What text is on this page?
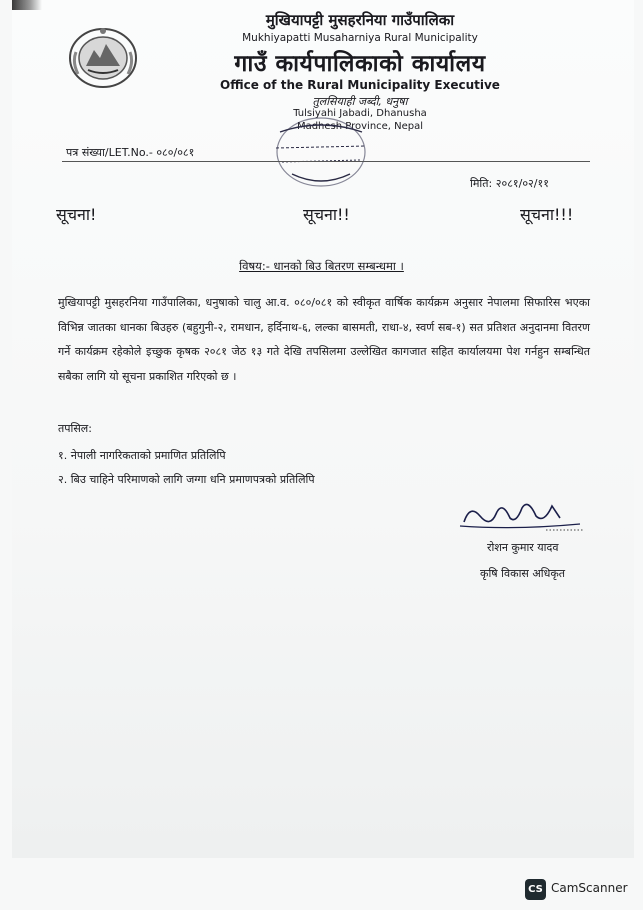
मुखियापट्टी मुसहरनिया गाउँपालिका
Mukhiyapatti Musaharniya Rural Municipality
गाउँ कार्यपालिकाको कार्यालय
Office of the Rural Municipality Executive
तुलसियाही जब्दी, धनुषा
Tulsiyahi Jabadi, Dhanusha
Madhesh Province, Nepal
पत्र संख्या/LET.No.- ०८०/०८१
मिति: २०८१/०२/११
सूचना!	सूचना!!	सूचना!!!
विषय:- धानको बिउ बितरण सम्बन्धमा ।
मुखियापट्टी मुसहरनिया गाउँपालिका, धनुषाको चालु आ.व. ०८०/०८१ को स्वीकृत वार्षिक कार्यक्रम अनुसार नेपालमा सिफारिस भएका विभिन्न जातका धानका बिउहरु (बहुगुनी-२, रामधान, हर्दिनाथ-६, लल्का बासमती, राधा-४, स्वर्ण सब-१) सत प्रतिशत अनुदानमा वितरण गर्ने कार्यक्रम रहेकोले इच्छुक कृषक २०८१ जेठ १३ गते देखि तपसिलमा उल्लेखित कागजात सहित कार्यालयमा पेश गर्नहुन सम्बन्धित सबैका लागि यो सूचना प्रकाशित गरिएको छ ।
तपसिल:
१. नेपाली नागरिकताको प्रमाणित प्रतिलिपि
२. बिउ चाहिने परिमाणको लागि जग्गा धनि प्रमाणपत्रको प्रतिलिपि
रोशन कुमार यादव
कृषि विकास अधिकृत
CS CamScanner
